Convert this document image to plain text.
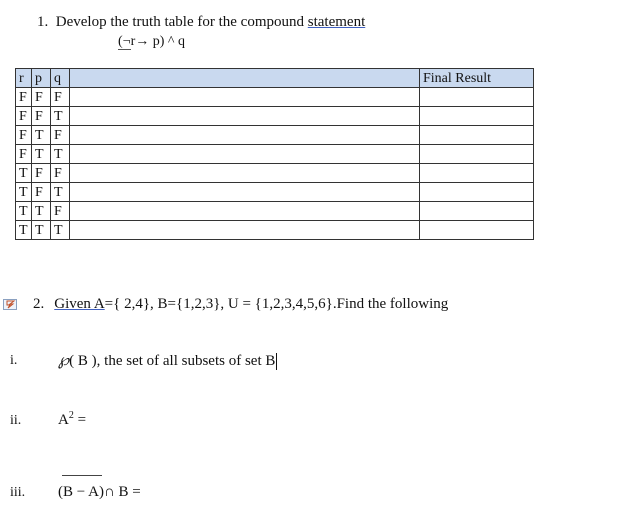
1. Develop the truth table for the compound statement
(¬r→ p) ^ q
r	p	q		Final Result
F	F	F		
F	F	T		
F	T	F		
F	T	T		
T	F	F		
T	F	T		
T	T	F		
T	T	T		
2. Given A={ 2,4}, B={1,2,3}, U = {1,2,3,4,5,6}.Find the following
i.	℘( B ), the set of all subsets of set B
ii. $A^2$ =
iii. (B − A)∩ B =
